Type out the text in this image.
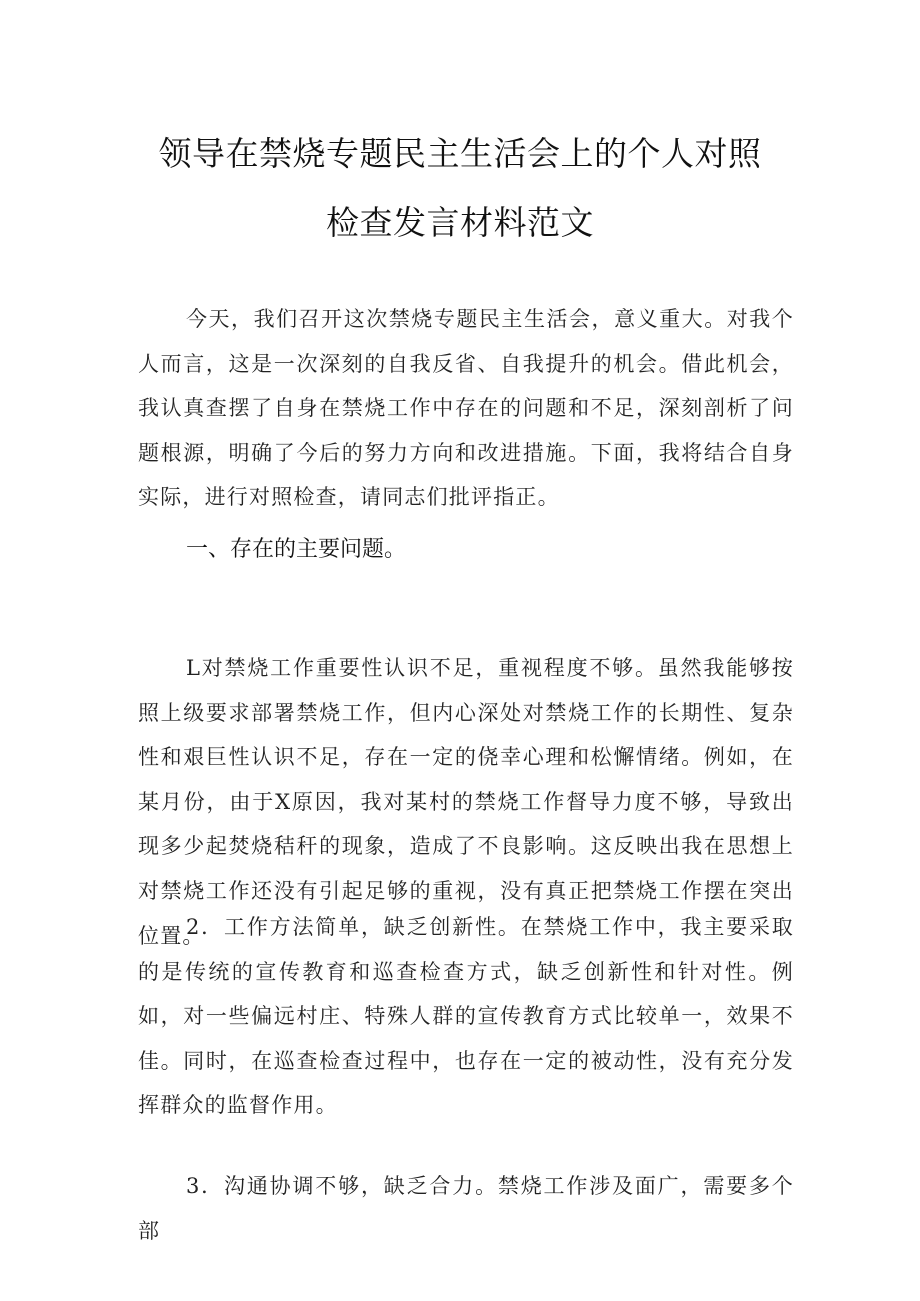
领导在禁烧专题民主生活会上的个人对照
检查发言材料范文

今天，我们召开这次禁烧专题民主生活会，意义重大。对我个人而言，这是一次深刻的自我反省、自我提升的机会。借此机会，我认真查摆了自身在禁烧工作中存在的问题和不足，深刻剖析了问题根源，明确了今后的努力方向和改进措施。下面，我将结合自身实际，进行对照检查，请同志们批评指正。

一、存在的主要问题。

L对禁烧工作重要性认识不足，重视程度不够。虽然我能够按照上级要求部署禁烧工作，但内心深处对禁烧工作的长期性、复杂性和艰巨性认识不足，存在一定的侥幸心理和松懈情绪。例如，在某月份，由于X原因，我对某村的禁烧工作督导力度不够，导致出现多少起焚烧秸秆的现象，造成了不良影响。这反映出我在思想上对禁烧工作还没有引起足够的重视，没有真正把禁烧工作摆在突出位置。

2．工作方法简单，缺乏创新性。在禁烧工作中，我主要采取的是传统的宣传教育和巡查检查方式，缺乏创新性和针对性。例如，对一些偏远村庄、特殊人群的宣传教育方式比较单一，效果不佳。同时，在巡查检查过程中，也存在一定的被动性，没有充分发挥群众的监督作用。

3．沟通协调不够，缺乏合力。禁烧工作涉及面广，需要多个部
